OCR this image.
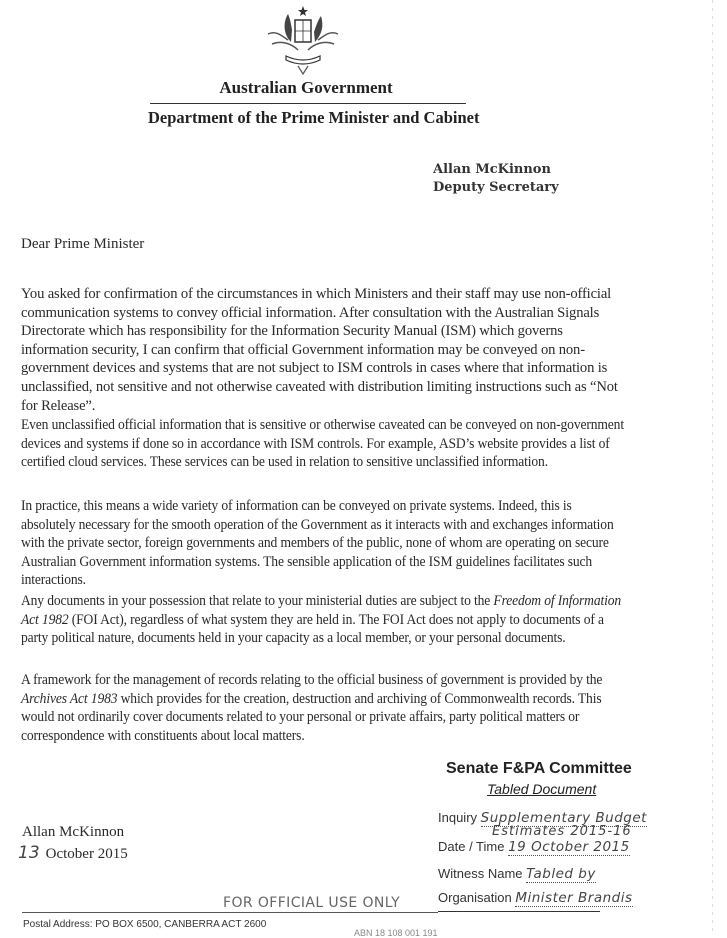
Australian Government
Department of the Prime Minister and Cabinet
Allan McKinnon
Deputy Secretary
Dear Prime Minister
You asked for confirmation of the circumstances in which Ministers and their staff may use non-official communication systems to convey official information. After consultation with the Australian Signals Directorate which has responsibility for the Information Security Manual (ISM) which governs information security, I can confirm that official Government information may be conveyed on non-government devices and systems that are not subject to ISM controls in cases where that information is unclassified, not sensitive and not otherwise caveated with distribution limiting instructions such as “Not for Release”.
Even unclassified official information that is sensitive or otherwise caveated can be conveyed on non-government devices and systems if done so in accordance with ISM controls. For example, ASD’s website provides a list of certified cloud services. These services can be used in relation to sensitive unclassified information.
In practice, this means a wide variety of information can be conveyed on private systems. Indeed, this is absolutely necessary for the smooth operation of the Government as it interacts with and exchanges information with the private sector, foreign governments and members of the public, none of whom are operating on secure Australian Government information systems. The sensible application of the ISM guidelines facilitates such interactions.
Any documents in your possession that relate to your ministerial duties are subject to the Freedom of Information Act 1982 (FOI Act), regardless of what system they are held in. The FOI Act does not apply to documents of a party political nature, documents held in your capacity as a local member, or your personal documents.
A framework for the management of records relating to the official business of government is provided by the Archives Act 1983 which provides for the creation, destruction and archiving of Commonwealth records. This would not ordinarily cover documents related to your personal or private affairs, party political matters or correspondence with constituents about local matters.
Allan McKinnon
13 October 2015
Senate F&PA Committee
Tabled Document
Inquiry Supplementary Budget
Estimates 2015-16
Date / Time 19 October 2015
Witness Name Tabled by
Organisation Minister Brandis
FOR OFFICIAL USE ONLY
Postal Address: PO BOX 6500, CANBERRA ACT 2600
ABN 18 108 001 191
